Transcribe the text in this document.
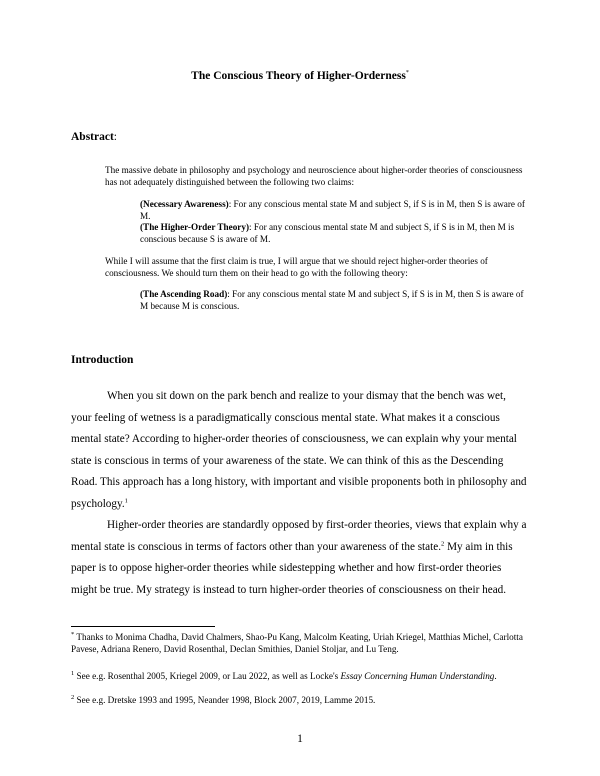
The Conscious Theory of Higher-Orderness*
Abstract:
The massive debate in philosophy and psychology and neuroscience about higher-order theories of consciousness has not adequately distinguished between the following two claims:
(Necessary Awareness): For any conscious mental state M and subject S, if S is in M, then S is aware of M.
(The Higher-Order Theory): For any conscious mental state M and subject S, if S is in M, then M is conscious because S is aware of M.
While I will assume that the first claim is true, I will argue that we should reject higher-order theories of consciousness. We should turn them on their head to go with the following theory:
(The Ascending Road): For any conscious mental state M and subject S, if S is in M, then S is aware of M because M is conscious.
Introduction
When you sit down on the park bench and realize to your dismay that the bench was wet, your feeling of wetness is a paradigmatically conscious mental state. What makes it a conscious mental state? According to higher-order theories of consciousness, we can explain why your mental state is conscious in terms of your awareness of the state. We can think of this as the Descending Road. This approach has a long history, with important and visible proponents both in philosophy and psychology.$^1$
Higher-order theories are standardly opposed by first-order theories, views that explain why a mental state is conscious in terms of factors other than your awareness of the state.$^2$ My aim in this paper is to oppose higher-order theories while sidestepping whether and how first-order theories might be true. My strategy is instead to turn higher-order theories of consciousness on their head.
* Thanks to Monima Chadha, David Chalmers, Shao-Pu Kang, Malcolm Keating, Uriah Kriegel, Matthias Michel, Carlotta Pavese, Adriana Renero, David Rosenthal, Declan Smithies, Daniel Stoljar, and Lu Teng.
$^1$ See e.g. Rosenthal 2005, Kriegel 2009, or Lau 2022, as well as Locke's Essay Concerning Human Understanding.
$^2$ See e.g. Dretske 1993 and 1995, Neander 1998, Block 2007, 2019, Lamme 2015.
1
